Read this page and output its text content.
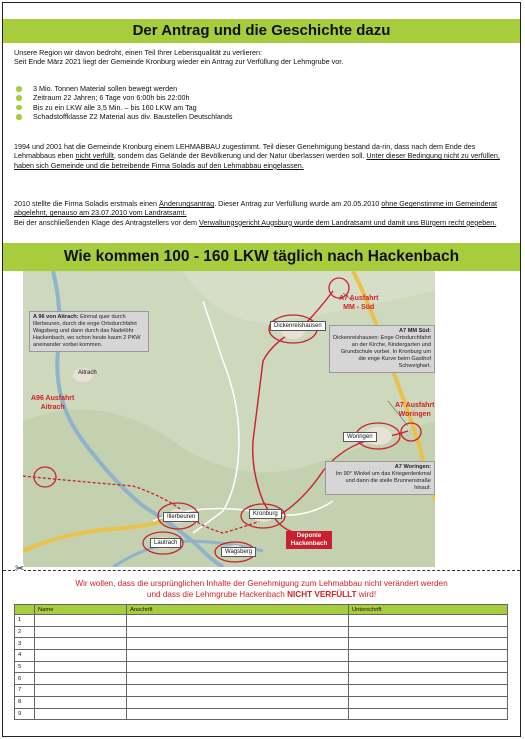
Der Antrag und die Geschichte dazu
Unsere Region wir davon bedroht, einen Teil Ihrer Lebensqualität zu verlieren:
Seit Ende März 2021 liegt der Gemeinde Kronburg wieder ein Antrag zur Verfüllung der Lehmgrube vor.
3 Mio. Tonnen Material sollen bewegt werden
Zeitraum 22 Jahren; 6 Tage von 6:00h bis 22:00h
Bis zu ein LKW alle 3,5 Min. – bis 160 LKW am Tag
Schadstoffklasse Z2 Material aus div. Baustellen Deutschlands
1994 und 2001 hat die Gemeinde Kronburg einem LEHMABBAU zugestimmt. Teil dieser Genehmigung bestand da-rin, dass nach dem Ende des Lehmabbaus eben nicht verfüllt, sondern das Gelände der Bevölkerung und der Natur überlassen werden soll. Unter dieser Bedingung nicht zu verfüllen, haben sich Gemeinde und die betreibende Firma Soladis auf den Lehmabbau eingelassen.
2010 stellte die Firma Soladis erstmals einen Änderungsantrag. Dieser Antrag zur Verfüllung wurde am 20.05.2010 ohne Gegenstimme im Gemeinderat abgelehnt, genauso am 23.07.2010 vom Landratsamt.
Bei der anschließenden Klage des Antragstellers vor dem Verwaltungsgericht Augsburg wurde dem Landratsamt und damit uns Bürgern recht gegeben.
Wie kommen 100 - 160 LKW täglich nach Hackenbach
A 96 von Aitrach: Einmal quer durch Illerbeuren, durch die enge Ortsdurchfahrt Wagsberg und dann durch das Nadelöhr Hackenbach, wo schon heute kaum 2 PKW aneinander vorbei kommen.
A7 MM Süd:
Dickenreishausen: Enge Ortsdurchfahrt an der Kirche, Kindergarten und Grundschule vorbei. In Kronburg um die enge Kurve beim Gasthof Schweighart.
A7 Woringen:
Im 90° Winkel um das Kriegerdenkmal und dann die steile Brunnenstraße hinauf.
A7 Ausfahrt
MM - Süd
A96 Ausfahrt
Aitrach	A7 Ausfahrt
Woringen
Dickenreishausen
Aitrach
Woringen
Illerbeuren	Kronburg
Lautrach
Wagsberg
Deponie
Hackenbach
✂
Wir wollen, dass die ursprünglichen Inhalte der Genehmigung zum Lehmabbau nicht verändert werden
und dass die Lehmgrube Hackenbach NICHT VERFÜLLT wird!
	Name	Anschrift	Unterschrift
1			
2			
3			
4			
5			
6			
7			
8			
9			
